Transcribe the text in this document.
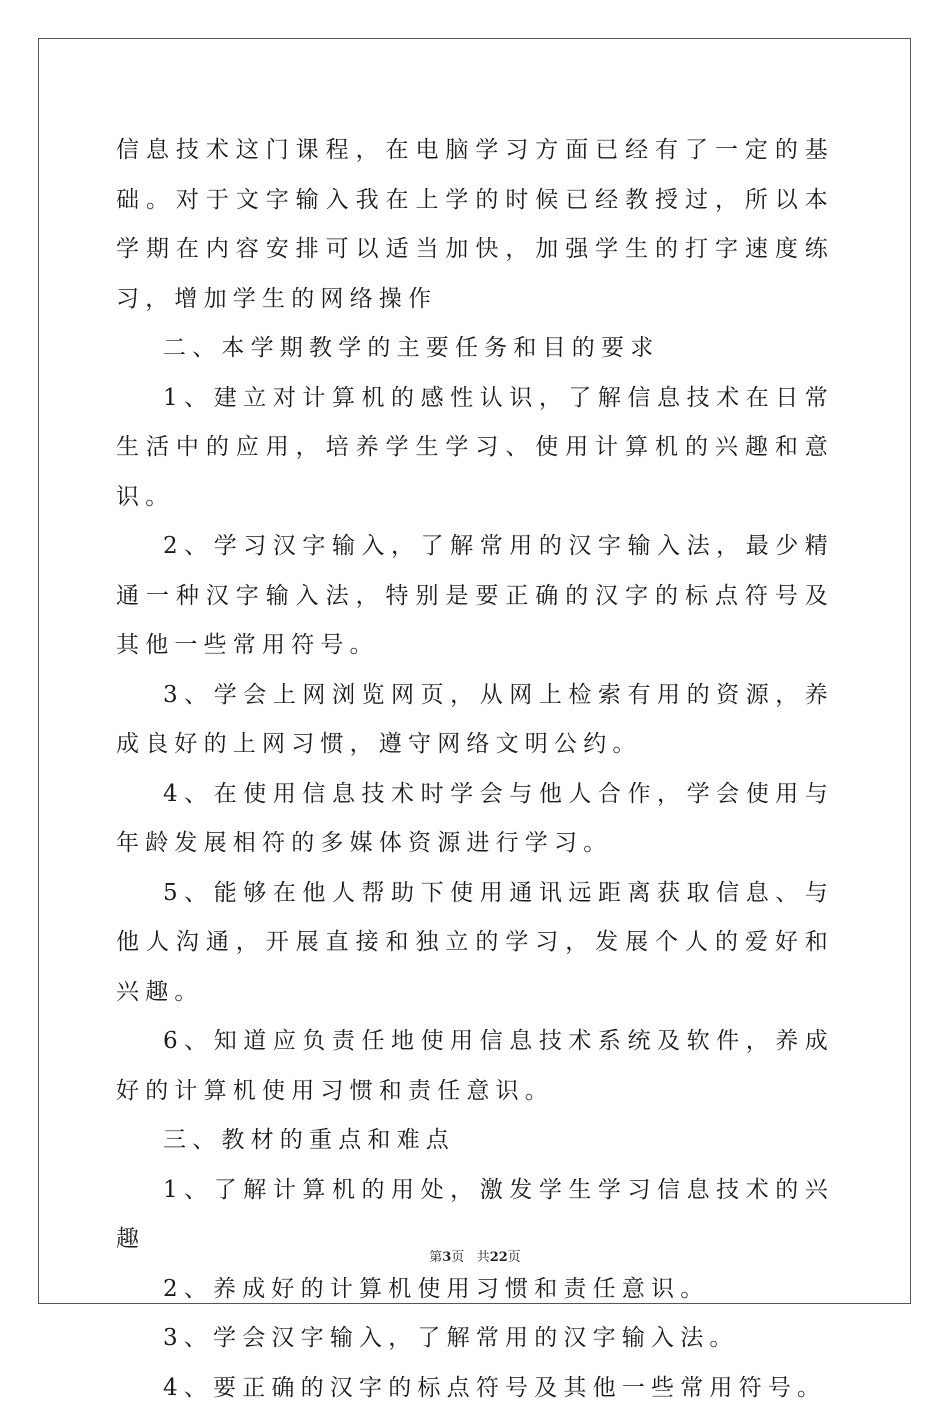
信息技术这门课程，在电脑学习方面已经有了一定的基础。对于文字输入我在上学的时候已经教授过，所以本学期在内容安排可以适当加快，加强学生的打字速度练习，增加学生的网络操作

二、本学期教学的主要任务和目的要求

1、建立对计算机的感性认识，了解信息技术在日常生活中的应用，培养学生学习、使用计算机的兴趣和意识。

2、学习汉字输入，了解常用的汉字输入法，最少精通一种汉字输入法，特别是要正确的汉字的标点符号及其他一些常用符号。

3、学会上网浏览网页，从网上检索有用的资源，养成良好的上网习惯，遵守网络文明公约。

4、在使用信息技术时学会与他人合作，学会使用与年龄发展相符的多媒体资源进行学习。

5、能够在他人帮助下使用通讯远距离获取信息、与他人沟通，开展直接和独立的学习，发展个人的爱好和兴趣。

6、知道应负责任地使用信息技术系统及软件，养成好的计算机使用习惯和责任意识。

三、教材的重点和难点

1、了解计算机的用处，激发学生学习信息技术的兴趣

2、养成好的计算机使用习惯和责任意识。

3、学会汉字输入，了解常用的汉字输入法。

4、要正确的汉字的标点符号及其他一些常用符号。

第3页 共22页
